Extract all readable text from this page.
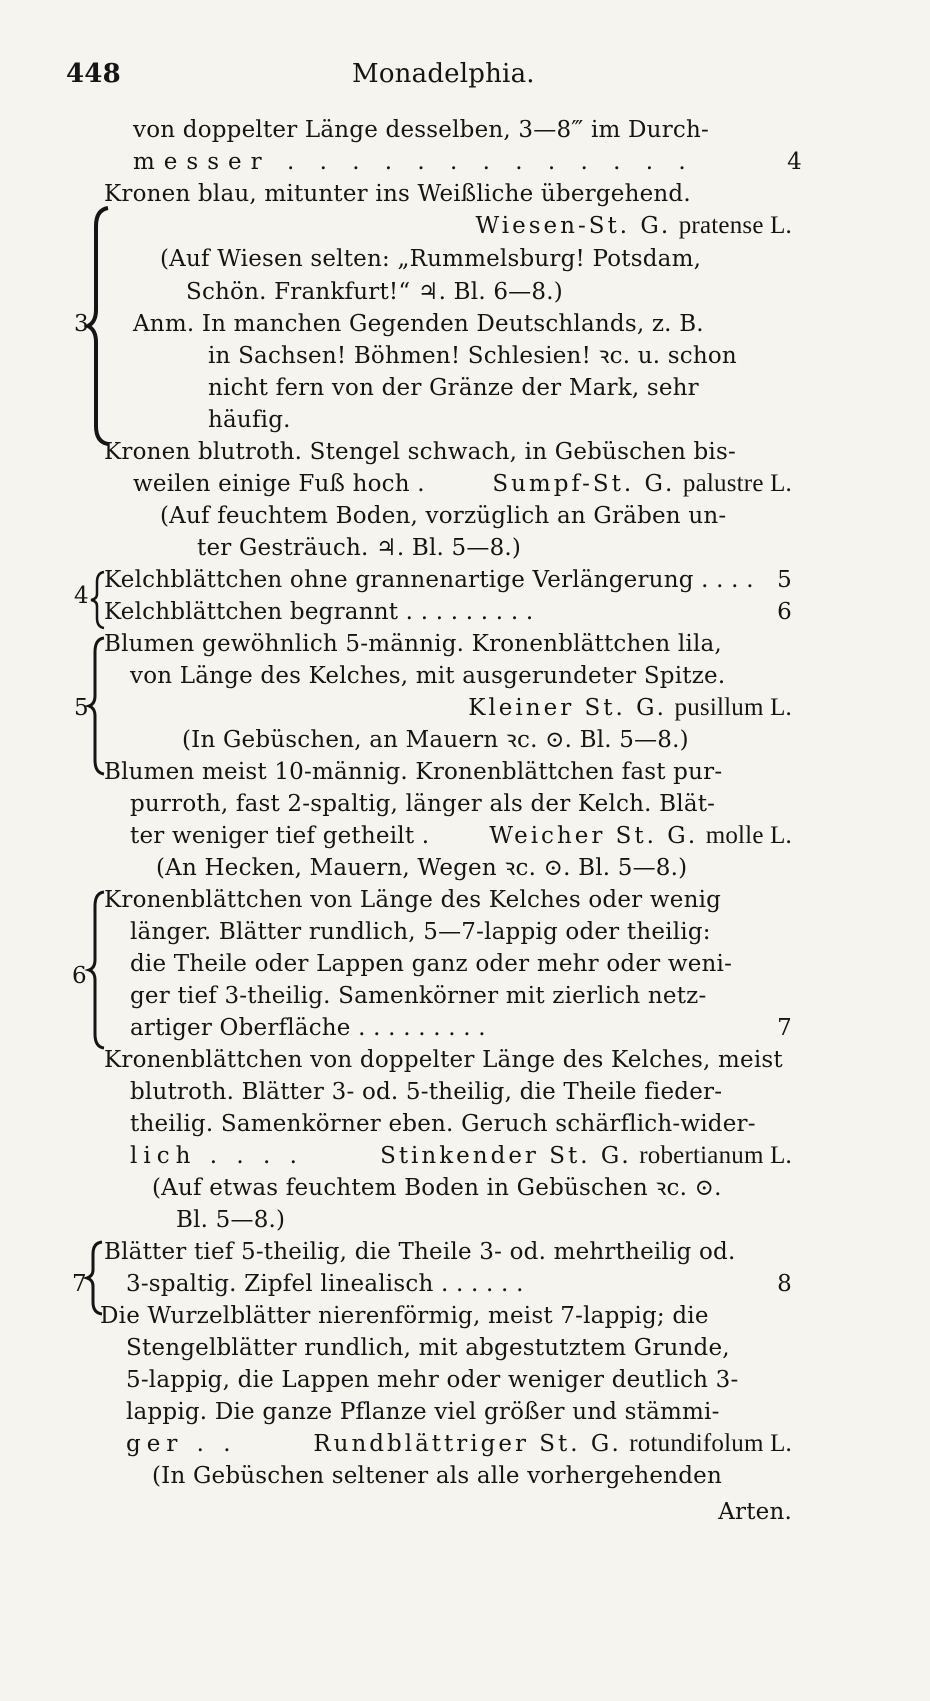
448	Monadelphia.
von doppelter Länge desselben, 3—8‴ im Durch-
messer . . . . . . . . . . . . .	4
Kronen blau, mitunter ins Weißliche übergehend.
Wiesen-St. G. pratense L.
(Auf Wiesen selten: „Rummelsburg! Potsdam,
Schön. Frankfurt!“ ♃. Bl. 6—8.)
Anm. In manchen Gegenden Deutschlands, z. B.
in Sachsen! Böhmen! Schlesien! ꝛc. u. schon
nicht fern von der Gränze der Mark, sehr
häufig.
Kronen blutroth. Stengel schwach, in Gebüschen bis-
weilen einige Fuß hoch .	Sumpf-St. G. palustre L.
(Auf feuchtem Boden, vorzüglich an Gräben un-
ter Gesträuch. ♃. Bl. 5—8.)
Kelchblättchen ohne grannenartige Verlängerung . . . . 5
Kelchblättchen begrannt . . . . . . . . .	6
Blumen gewöhnlich 5-männig. Kronenblättchen lila,
von Länge des Kelches, mit ausgerundeter Spitze.
Kleiner St. G. pusillum L.
(In Gebüschen, an Mauern ꝛc. ⊙. Bl. 5—8.)
Blumen meist 10-männig. Kronenblättchen fast pur-
purroth, fast 2-spaltig, länger als der Kelch. Blät-
ter weniger tief getheilt .	Weicher St. G. molle L.
(An Hecken, Mauern, Wegen ꝛc. ⊙. Bl. 5—8.)
Kronenblättchen von Länge des Kelches oder wenig
länger. Blätter rundlich, 5—7-lappig oder theilig:
die Theile oder Lappen ganz oder mehr oder weni-
ger tief 3-theilig. Samenkörner mit zierlich netz-
artiger Oberfläche . . . . . . . . .	7
Kronenblättchen von doppelter Länge des Kelches, meist
blutroth. Blätter 3- od. 5-theilig, die Theile fieder-
theilig. Samenkörner eben. Geruch schärflich-wider-
lich . . . .	Stinkender St. G. robertianum L.
(Auf etwas feuchtem Boden in Gebüschen ꝛc. ⊙.
Bl. 5—8.)
Blätter tief 5-theilig, die Theile 3- od. mehrtheilig od.
3-spaltig. Zipfel linealisch . . . . . .	8
Die Wurzelblätter nierenförmig, meist 7-lappig; die
Stengelblätter rundlich, mit abgestutztem Grunde,
5-lappig, die Lappen mehr oder weniger deutlich 3-
lappig. Die ganze Pflanze viel größer und stämmi-
ger . .	Rundblättriger St. G. rotundifolum L.
(In Gebüschen seltener als alle vorhergehenden
Arten.
3
4
5
6
7
